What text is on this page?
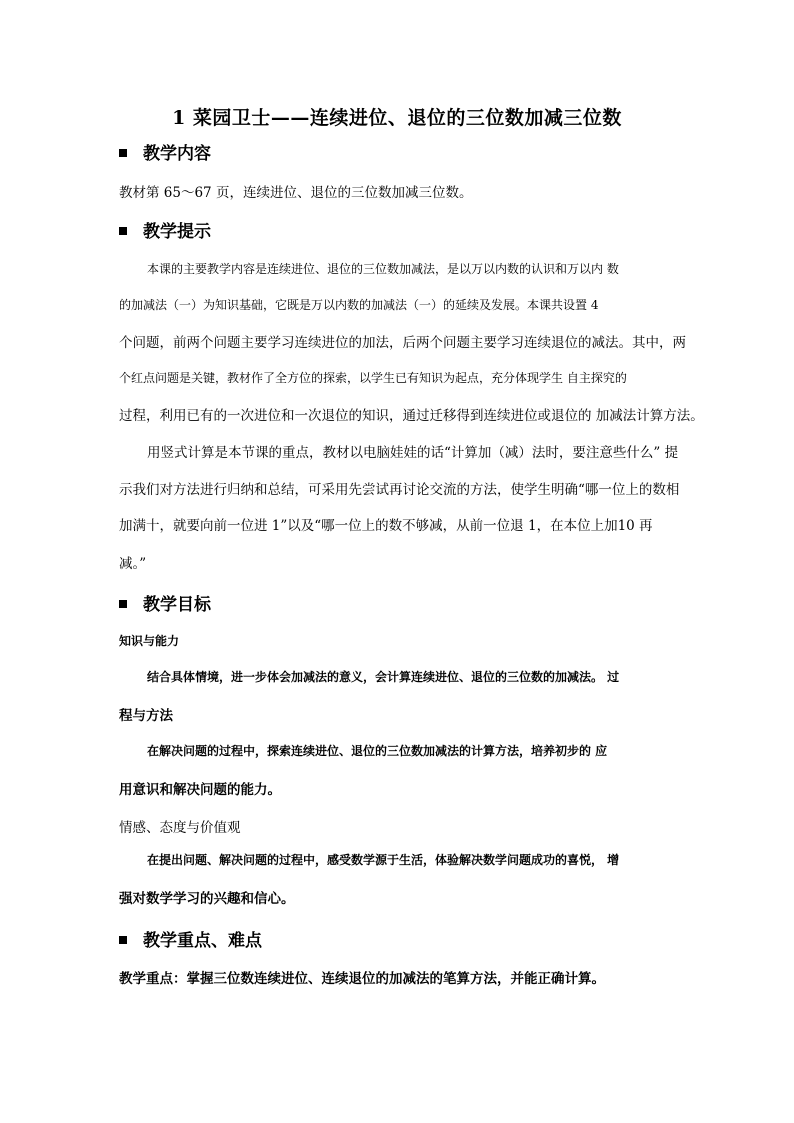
1 菜园卫士——连续进位、退位的三位数加减三位数
教学内容
教材第 65～67 页，连续进位、退位的三位数加减三位数。
教学提示
本课的主要教学内容是连续进位、退位的三位数加减法，是以万以内数的认识和万以内 数
的加减法（一）为知识基础，它既是万以内数的加减法（一）的延续及发展。本课共设置 4
个问题，前两个问题主要学习连续进位的加法，后两个问题主要学习连续退位的减法。其中，两
个红点问题是关键，教材作了全方位的探索，以学生已有知识为起点，充分体现学生 自主探究的
过程，利用已有的一次进位和一次退位的知识，通过迁移得到连续进位或退位的 加减法计算方法。
用竖式计算是本节课的重点，教材以电脑娃娃的话“计算加（减）法时，要注意些什么” 提
示我们对方法进行归纳和总结，可采用先尝试再讨论交流的方法，使学生明确“哪一位上的数相
加满十，就要向前一位进 1”以及“哪一位上的数不够减，从前一位退 1，在本位上加10 再
减。”
教学目标
知识与能力
结合具体情境，进一步体会加减法的意义，会计算连续进位、退位的三位数的加减法。 过
程与方法
在解决问题的过程中，探索连续进位、退位的三位数加减法的计算方法，培养初步的 应
用意识和解决问题的能力。
情感、态度与价值观
在提出问题、解决问题的过程中，感受数学源于生活，体验解决数学问题成功的喜悦， 增
强对数学学习的兴趣和信心。
教学重点、难点
教学重点：掌握三位数连续进位、连续退位的加减法的笔算方法，并能正确计算。
